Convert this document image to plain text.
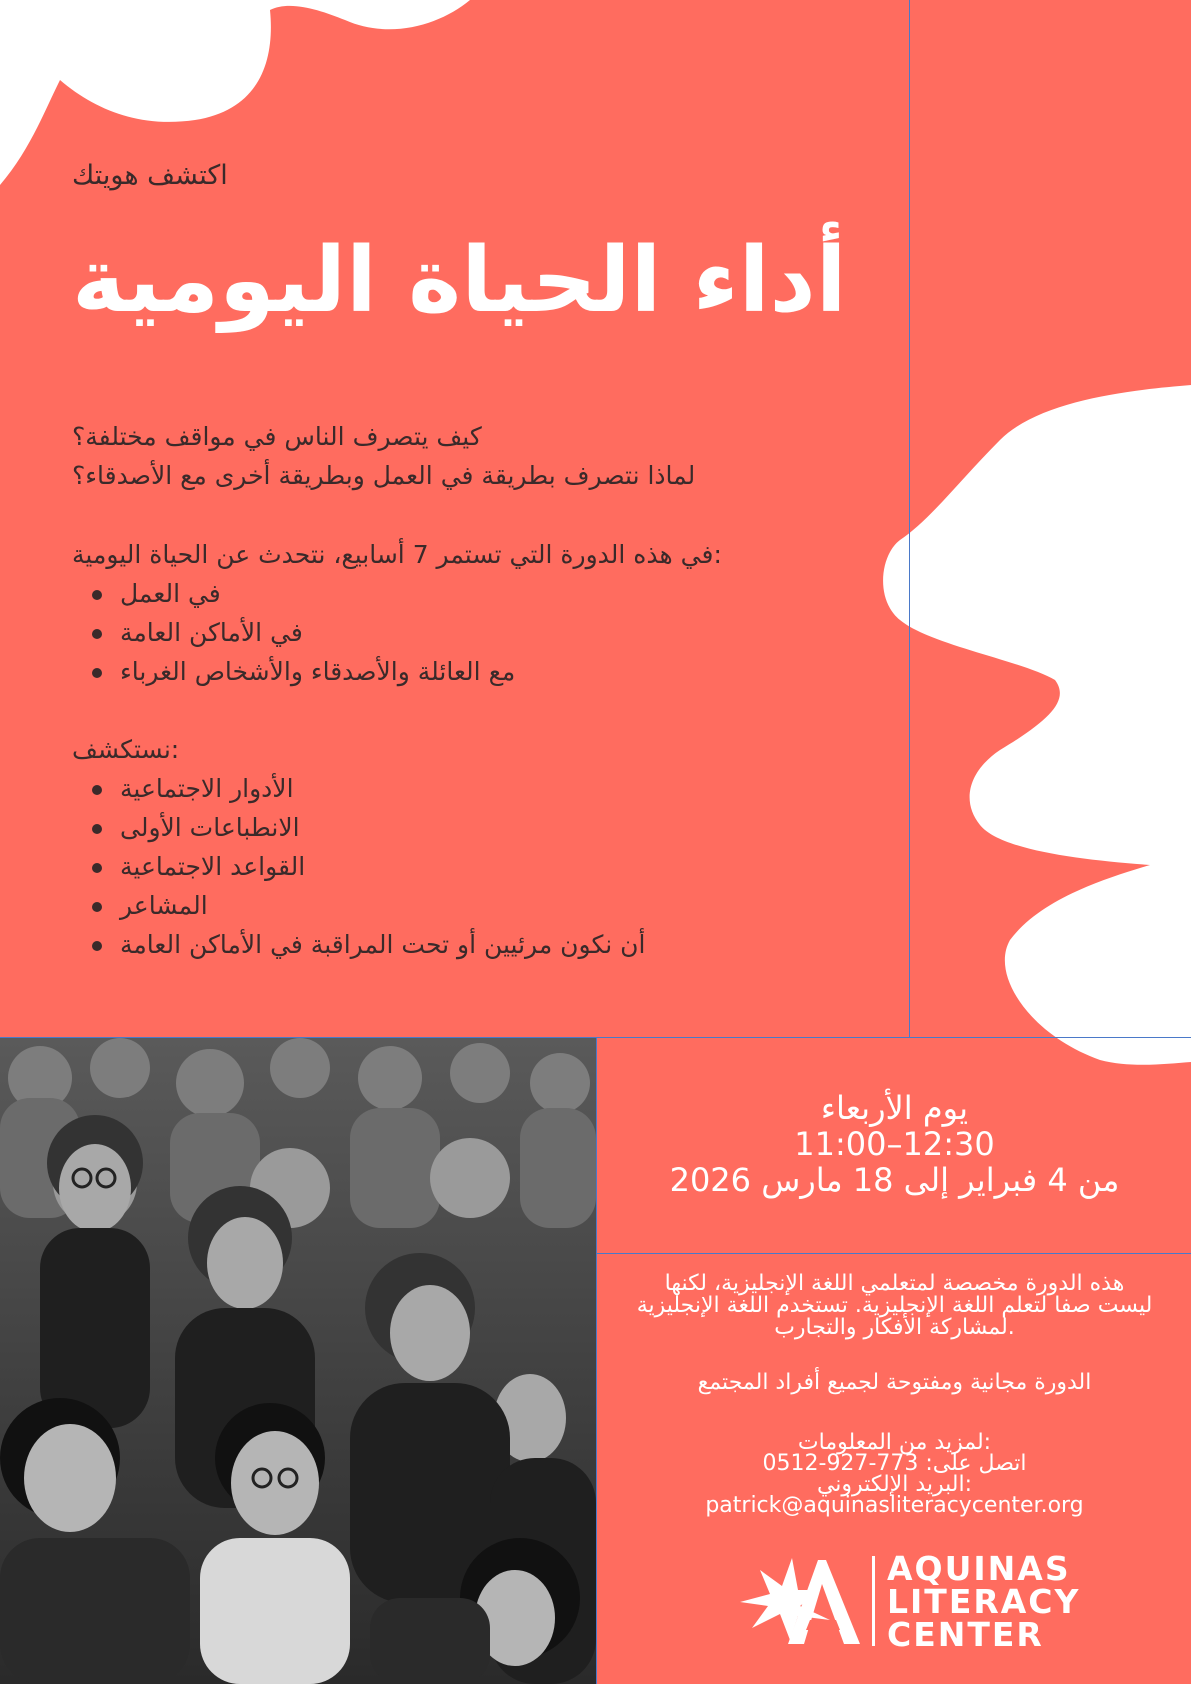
اكتشف هويتك
أداء الحياة اليومية
كيف يتصرف الناس في مواقف مختلفة؟
لماذا نتصرف بطريقة في العمل وبطريقة أخرى مع الأصدقاء؟
في هذه الدورة التي تستمر 7 أسابيع، نتحدث عن الحياة اليومية:
في العمل
في الأماكن العامة
مع العائلة والأصدقاء والأشخاص الغرباء
نستكشف:
الأدوار الاجتماعية
الانطباعات الأولى
القواعد الاجتماعية
المشاعر
أن نكون مرئيين أو تحت المراقبة في الأماكن العامة
يوم الأربعاء
11:00–12:30
من 4 فبراير إلى 18 مارس 2026
هذه الدورة مخصصة لمتعلمي اللغة الإنجليزية، لكنها
ليست صفا لتعلم اللغة الإنجليزية. تستخدم اللغة الإنجليزية
لمشاركة الأفكار والتجارب.
الدورة مجانية ومفتوحة لجميع أفراد المجتمع
لمزيد من المعلومات:
اتصل على: 773-927-0512
البريد الإلكتروني:
patrick@aquinasliteracycenter.org
AQUINAS
LITERACY
CENTER
